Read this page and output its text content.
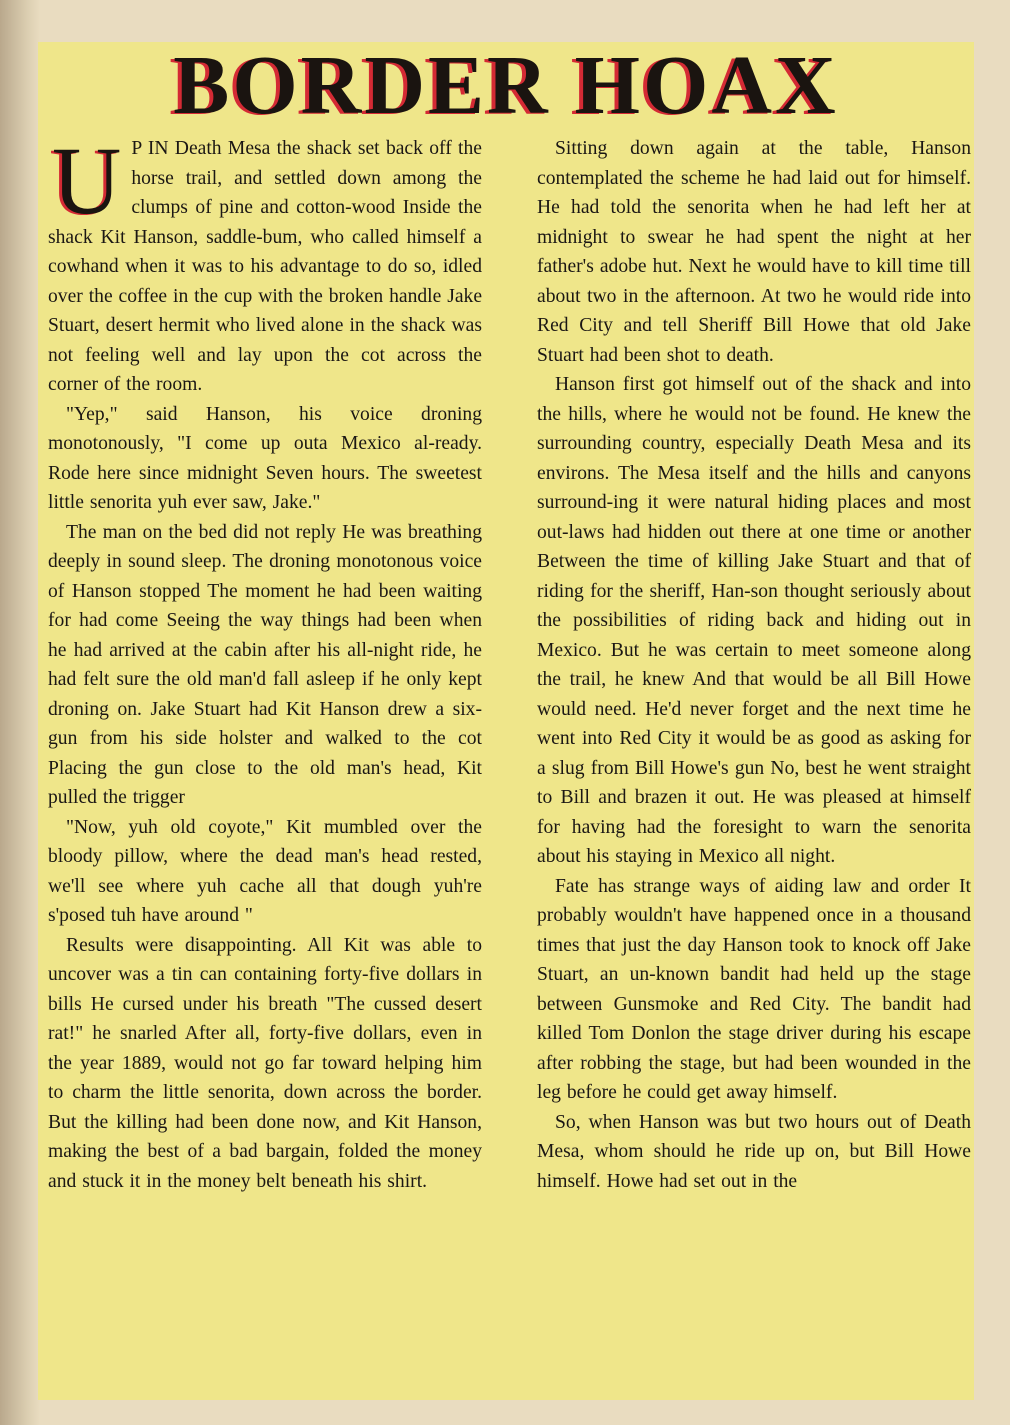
BORDER HOAX

U P IN Death Mesa the shack set back off the horse trail, and settled down among the clumps of pine and cotton-wood Inside the shack Kit Hanson, saddle-bum, who called himself a cowhand when it was to his advantage to do so, idled over the coffee in the cup with the broken handle Jake Stuart, desert hermit who lived alone in the shack was not feeling well and lay upon the cot across the corner of the room.

"Yep," said Hanson, his voice droning monotonously, "I come up outa Mexico al-ready. Rode here since midnight Seven hours. The sweetest little senorita yuh ever saw, Jake."

The man on the bed did not reply He was breathing deeply in sound sleep. The droning monotonous voice of Hanson stopped The moment he had been waiting for had come Seeing the way things had been when he had arrived at the cabin after his all-night ride, he had felt sure the old man'd fall asleep if he only kept droning on. Jake Stuart had Kit Hanson drew a six-gun from his side holster and walked to the cot Placing the gun close to the old man's head, Kit pulled the trigger

"Now, yuh old coyote," Kit mumbled over the bloody pillow, where the dead man's head rested, we'll see where yuh cache all that dough yuh're s'posed tuh have around "

Results were disappointing. All Kit was able to uncover was a tin can containing forty-five dollars in bills He cursed under his breath "The cussed desert rat!" he snarled After all, forty-five dollars, even in the year 1889, would not go far toward helping him to charm the little senorita, down across the border. But the killing had been done now, and Kit Hanson, making the best of a bad bargain, folded the money and stuck it in the money belt beneath his shirt.

Sitting down again at the table, Hanson contemplated the scheme he had laid out for himself. He had told the senorita when he had left her at midnight to swear he had spent the night at her father's adobe hut. Next he would have to kill time till about two in the afternoon. At two he would ride into Red City and tell Sheriff Bill Howe that old Jake Stuart had been shot to death.

Hanson first got himself out of the shack and into the hills, where he would not be found. He knew the surrounding country, especially Death Mesa and its environs. The Mesa itself and the hills and canyons surround-ing it were natural hiding places and most out-laws had hidden out there at one time or another Between the time of killing Jake Stuart and that of riding for the sheriff, Han-son thought seriously about the possibilities of riding back and hiding out in Mexico. But he was certain to meet someone along the trail, he knew And that would be all Bill Howe would need. He'd never forget and the next time he went into Red City it would be as good as asking for a slug from Bill Howe's gun No, best he went straight to Bill and brazen it out. He was pleased at himself for having had the foresight to warn the senorita about his staying in Mexico all night.

Fate has strange ways of aiding law and order It probably wouldn't have happened once in a thousand times that just the day Hanson took to knock off Jake Stuart, an un-known bandit had held up the stage between Gunsmoke and Red City. The bandit had killed Tom Donlon the stage driver during his escape after robbing the stage, but had been wounded in the leg before he could get away himself.

So, when Hanson was but two hours out of Death Mesa, whom should he ride up on, but Bill Howe himself. Howe had set out in the
